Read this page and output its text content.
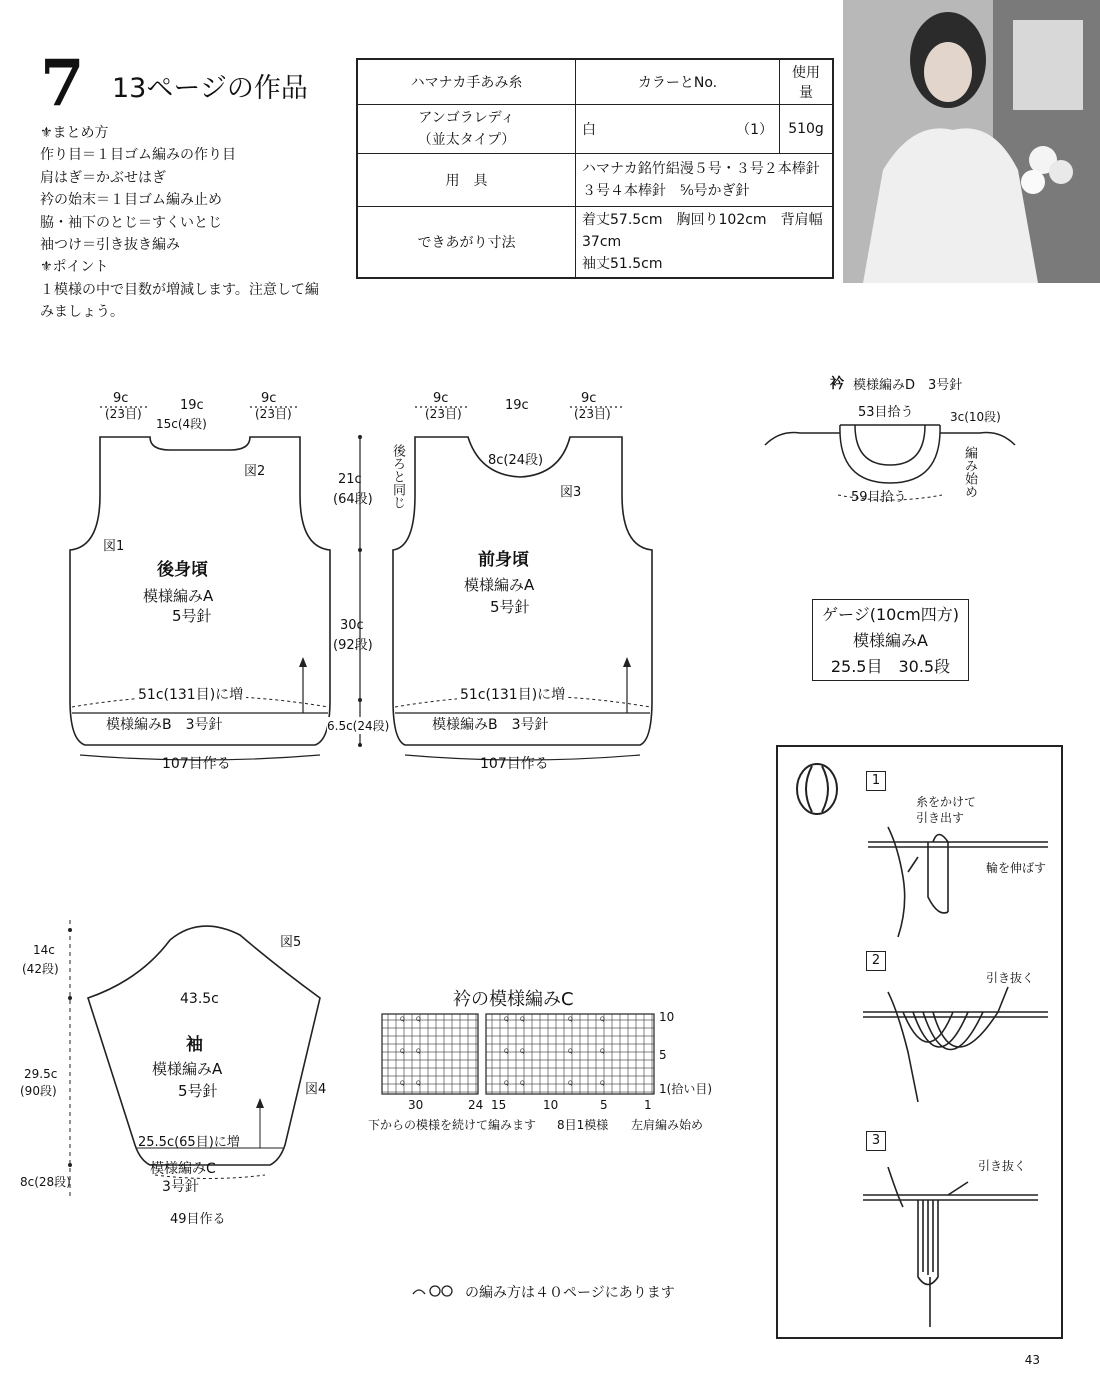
7 13ページの作品
⚜まとめ方
作り目＝１目ゴム編みの作り目
肩はぎ＝かぶせはぎ
衿の始末＝１目ゴム編み止め
脇・袖下のとじ＝すくいとじ
袖つけ＝引き抜き編み
⚜ポイント
１模様の中で目数が増減します。注意して編
みましょう。
ハマナカ手あみ糸	カラーとNo.		使用量

アンゴラレディ
（並太タイプ）	白	（1）	510g
用　具	ハマナカ銘竹絽漫５号・３号２本棒針
３号４本棒針　⁵⁄₀号かぎ針		

できあがり寸法	着丈57.5cm　胸回り102cm　背肩幅37cm
袖丈51.5cm		
9c
(23目)
19c
15c(4段)
9c
(23目)
図2
図1
後身頃
模様編みA
5号針
51c(131目)に増
模様編みB　3号針
107目作る
21c
(64段)
30c
(92段)
6.5c(24段)
後ろと同じ
9c
(23目)
19c	9c
(23目)
8c(24段)
図3
前身頃
模様編みA
5号針
51c(131目)に増
模様編みB　3号針
107目作る
衿 模様編みD　3号針
53目拾う	3c(10段)
59目拾う	編み始め
ゲージ(10cm四方)
模様編みA
25.5目　30.5段
14c
(42段)
29.5c
(90段)
8c(28段)
図5
図4
43.5c
袖
模様編みA
5号針
25.5c(65目)に増
模様編みC
3号針
49目作る
衿の模様編みC
Q Q	Q Q	Q	Q
Q Q	Q Q	Q	Q
Q Q	Q Q	Q	Q
10
5
1(拾い目)
30	24 15	10	5	1
下からの模様を続けて編みます 8目1模様 左肩編み始め
1
糸をかけて
引き出す
輪を伸ばす
2
引き抜く
3
引き抜く
の編み方は４０ページにあります
43
